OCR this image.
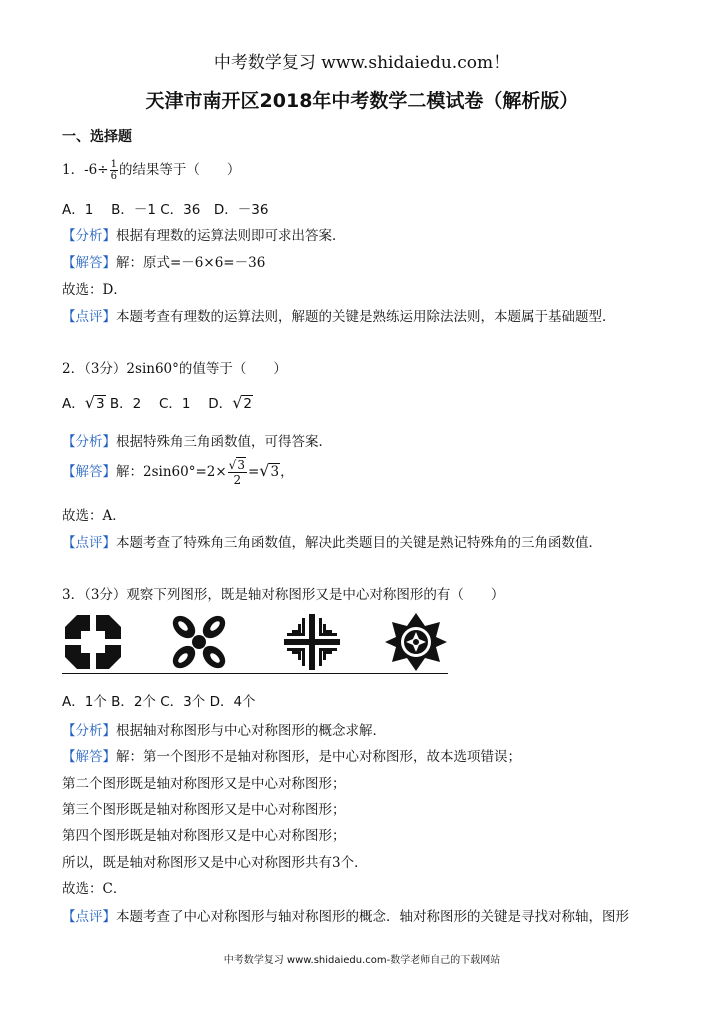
中考数学复习 www.shidaiedu.com！
天津市南开区2018年中考数学二模试卷（解析版）
一、选择题
1．$-6\div \frac{1}{6}$ 的结果等于（　　）
A．1　 B．－1 C．36　D．－36
【分析】根据有理数的运算法则即可求出答案．
【解答】解：原式=－6×6=－36
故选：D．
【点评】本题考查有理数的运算法则，解题的关键是熟练运用除法法则，本题属于基础题型．
2．（3分）2sin60°的值等于（　　）
A．√3 B．2　 C．1　 D．√2
【分析】根据特殊角三角函数值，可得答案．
【解答】解：$2\sin 60^\circ=2\times \frac{√3}{2} =√3$，
故选：A．
【点评】本题考查了特殊角三角函数值，解决此类题目的关键是熟记特殊角的三角函数值．
3．（3分）观察下列图形，既是轴对称图形又是中心对称图形的有（　　）
A．1个 B．2个 C．3个 D．4个
【分析】根据轴对称图形与中心对称图形的概念求解．
【解答】解：第一个图形不是轴对称图形，是中心对称图形，故本选项错误；
第二个图形既是轴对称图形又是中心对称图形；
第三个图形既是轴对称图形又是中心对称图形；
第四个图形既是轴对称图形又是中心对称图形；
所以，既是轴对称图形又是中心对称图形共有3个．
故选：C．
【点评】本题考查了中心对称图形与轴对称图形的概念．轴对称图形的关键是寻找对称轴，图形
中考数学复习 www.shidaiedu.com-数学老师自己的下载网站
